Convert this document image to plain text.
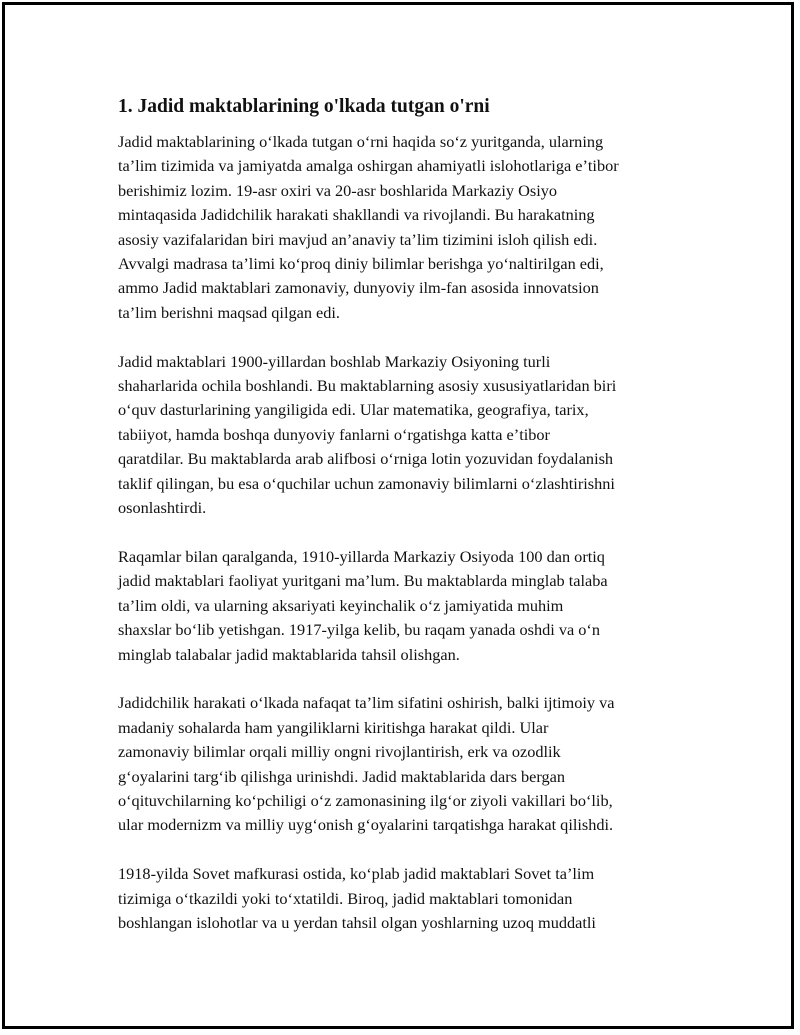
1. Jadid maktablarining o'lkada tutgan o'rni

Jadid maktablarining oʻlkada tutgan oʻrni haqida soʻz yuritganda, ularning
taʼlim tizimida va jamiyatda amalga oshirgan ahamiyatli islohotlariga eʼtibor
berishimiz lozim. 19-asr oxiri va 20-asr boshlarida Markaziy Osiyo
mintaqasida Jadidchilik harakati shakllandi va rivojlandi. Bu harakatning
asosiy vazifalaridan biri mavjud anʼanaviy taʼlim tizimini isloh qilish edi.
Avvalgi madrasa taʼlimi koʻproq diniy bilimlar berishga yoʻnaltirilgan edi,
ammo Jadid maktablari zamonaviy, dunyoviy ilm-fan asosida innovatsion
taʼlim berishni maqsad qilgan edi.

Jadid maktablari 1900-yillardan boshlab Markaziy Osiyoning turli
shaharlarida ochila boshlandi. Bu maktablarning asosiy xususiyatlaridan biri
oʻquv dasturlarining yangiligida edi. Ular matematika, geografiya, tarix,
tabiiyot, hamda boshqa dunyoviy fanlarni oʻrgatishga katta eʼtibor
qaratdilar. Bu maktablarda arab alifbosi oʻrniga lotin yozuvidan foydalanish
taklif qilingan, bu esa oʻquchilar uchun zamonaviy bilimlarni oʻzlashtirishni
osonlashtirdi.

Raqamlar bilan qaralganda, 1910-yillarda Markaziy Osiyoda 100 dan ortiq
jadid maktablari faoliyat yuritgani maʼlum. Bu maktablarda minglab talaba
taʼlim oldi, va ularning aksariyati keyinchalik oʻz jamiyatida muhim
shaxslar boʻlib yetishgan. 1917-yilga kelib, bu raqam yanada oshdi va oʻn
minglab talabalar jadid maktablarida tahsil olishgan.

Jadidchilik harakati oʻlkada nafaqat taʼlim sifatini oshirish, balki ijtimoiy va
madaniy sohalarda ham yangiliklarni kiritishga harakat qildi. Ular
zamonaviy bilimlar orqali milliy ongni rivojlantirish, erk va ozodlik
gʻoyalarini targʻib qilishga urinishdi. Jadid maktablarida dars bergan
oʻqituvchilarning koʻpchiligi oʻz zamonasining ilgʻor ziyoli vakillari boʻlib,
ular modernizm va milliy uygʻonish gʻoyalarini tarqatishga harakat qilishdi.

1918-yilda Sovet mafkurasi ostida, koʻplab jadid maktablari Sovet taʼlim
tizimiga oʻtkazildi yoki toʻxtatildi. Biroq, jadid maktablari tomonidan
boshlangan islohotlar va u yerdan tahsil olgan yoshlarning uzoq muddatli
